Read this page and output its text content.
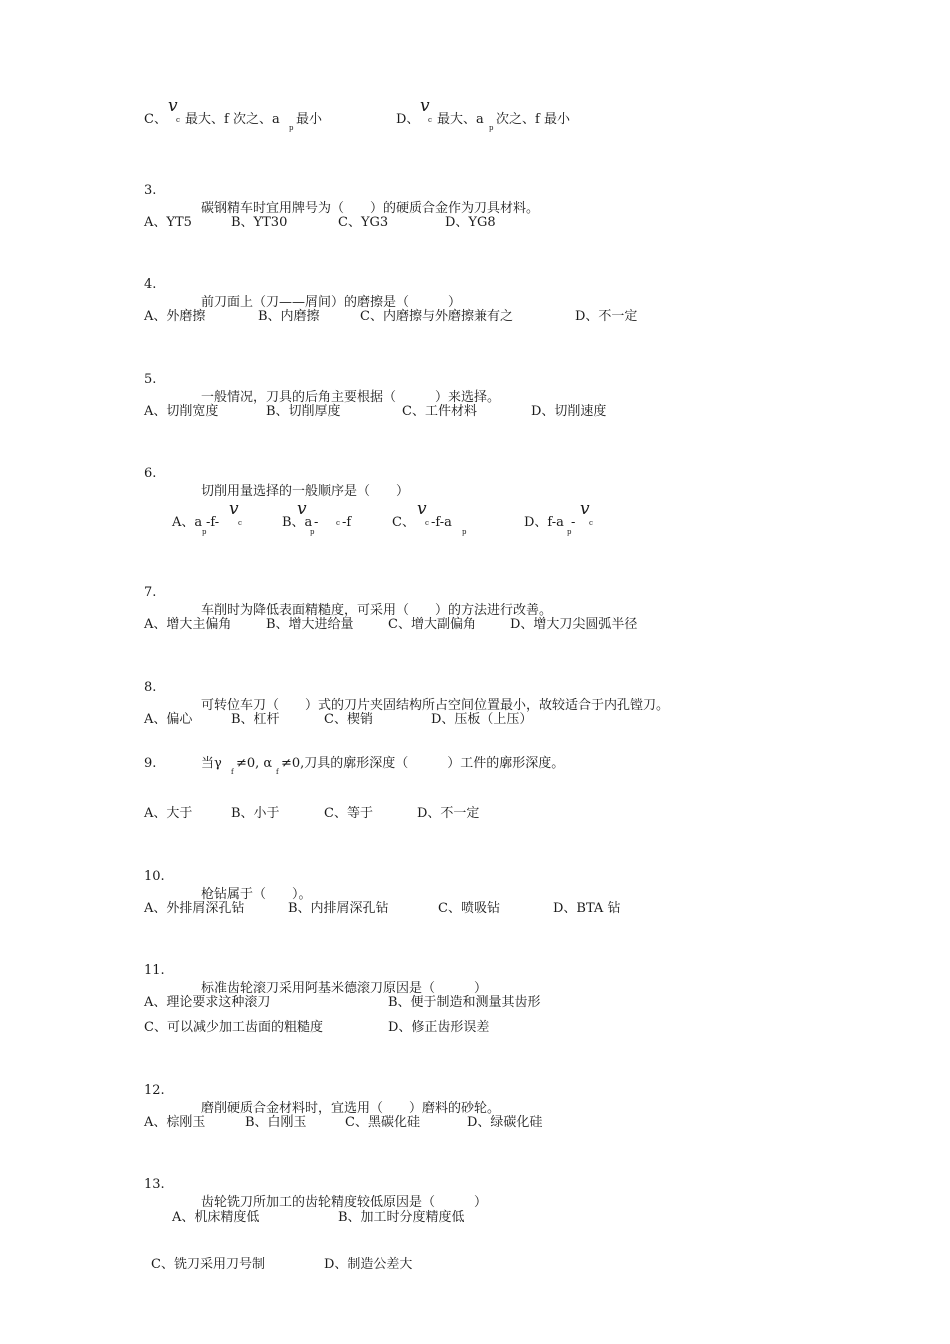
C、
v
c 最大、f 次之、a
p
最小	D、
v
c 最大、a
p
次之、f 最小

3.

碳钢精车时宜用牌号为（　　）的硬质合金作为刀具材料。

A、YT5	B、YT30	C、YG3	D、YG8

4.

前刀面上（刀——屑间）的磨擦是（　　　）

A、外磨擦	B、内磨擦	C、内磨擦与外磨擦兼有之	D、不一定

5.

一般情况，刀具的后角主要根据（　　　）来选择。

A、切削宽度	B、切削厚度	C、工件材料	D、切削速度

6.

切削用量选择的一般顺序是（　　）

A、a
p
-f-
v
c	B、a
p
-
v
c -f	C、
v
c -f-a
p
D、f-a
p
-
v
c

7.

车削时为降低表面精糙度，可采用（　　）的方法进行改善。

A、增大主偏角	B、增大进给量	C、增大副偏角	D、增大刀尖圆弧半径

8.

可转位车刀（　　）式的刀片夹固结构所占空间位置最小，故较适合于内孔镗刀。

A、偏心	B、杠杆	C、楔销	D、压板（上压）
9.	当γ
f
≠0, α
f
≠0,刀具的廓形深度（　　　）工件的廓形深度。
A、大于	B、小于	C、等于	D、不一定

10.

枪钻属于（　　）。

A、外排屑深孔钻	B、内排屑深孔钻	C、喷吸钻	D、BTA 钻

11.

标准齿轮滚刀采用阿基米德滚刀原因是（　　　）

A、理论要求这种滚刀	B、便于制造和测量其齿形
C、可以减少加工齿面的粗糙度	D、修正齿形误差

12.

磨削硬质合金材料时，宜选用（　　）磨料的砂轮。

A、棕刚玉	B、白刚玉	C、黑碳化硅	D、绿碳化硅

13.

齿轮铣刀所加工的齿轮精度较低原因是（　　　）

A、机床精度低	B、加工时分度精度低
C、铣刀采用刀号制	D、制造公差大
